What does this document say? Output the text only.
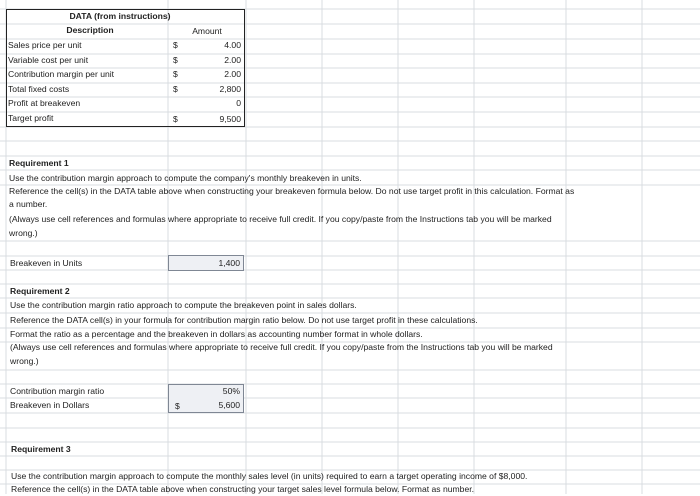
DATA (from instructions)
Description	Amount
Sales price per unit	$	4.00
Variable cost per unit	$	2.00
Contribution margin per unit	$	2.00
Total fixed costs	$	2,800
Profit at breakeven	0
Target profit	$	9,500
Requirement 1
Use the contribution margin approach to compute the company's monthly breakeven in units.
Reference the cell(s) in the DATA table above when constructing your breakeven formula below. Do not use target profit in this calculation. Format as
a number.
(Always use cell references and formulas where appropriate to receive full credit. If you copy/paste from the Instructions tab you will be marked
wrong.)
Breakeven in Units	1,400
Requirement 2
Use the contribution margin ratio approach to compute the breakeven point in sales dollars.
Reference the DATA cell(s) in your formula for contribution margin ratio below. Do not use target profit in these calculations.
Format the ratio as a percentage and the breakeven in dollars as accounting number format in whole dollars.
(Always use cell references and formulas where appropriate to receive full credit. If you copy/paste from the Instructions tab you will be marked
wrong.)
Contribution margin ratio	50%
Breakeven in Dollars	$	5,600
Requirement 3
Use the contribution margin approach to compute the monthly sales level (in units) required to earn a target operating income of $8,000.
Reference the cell(s) in the DATA table above when constructing your target sales level formula below. Format as number.
